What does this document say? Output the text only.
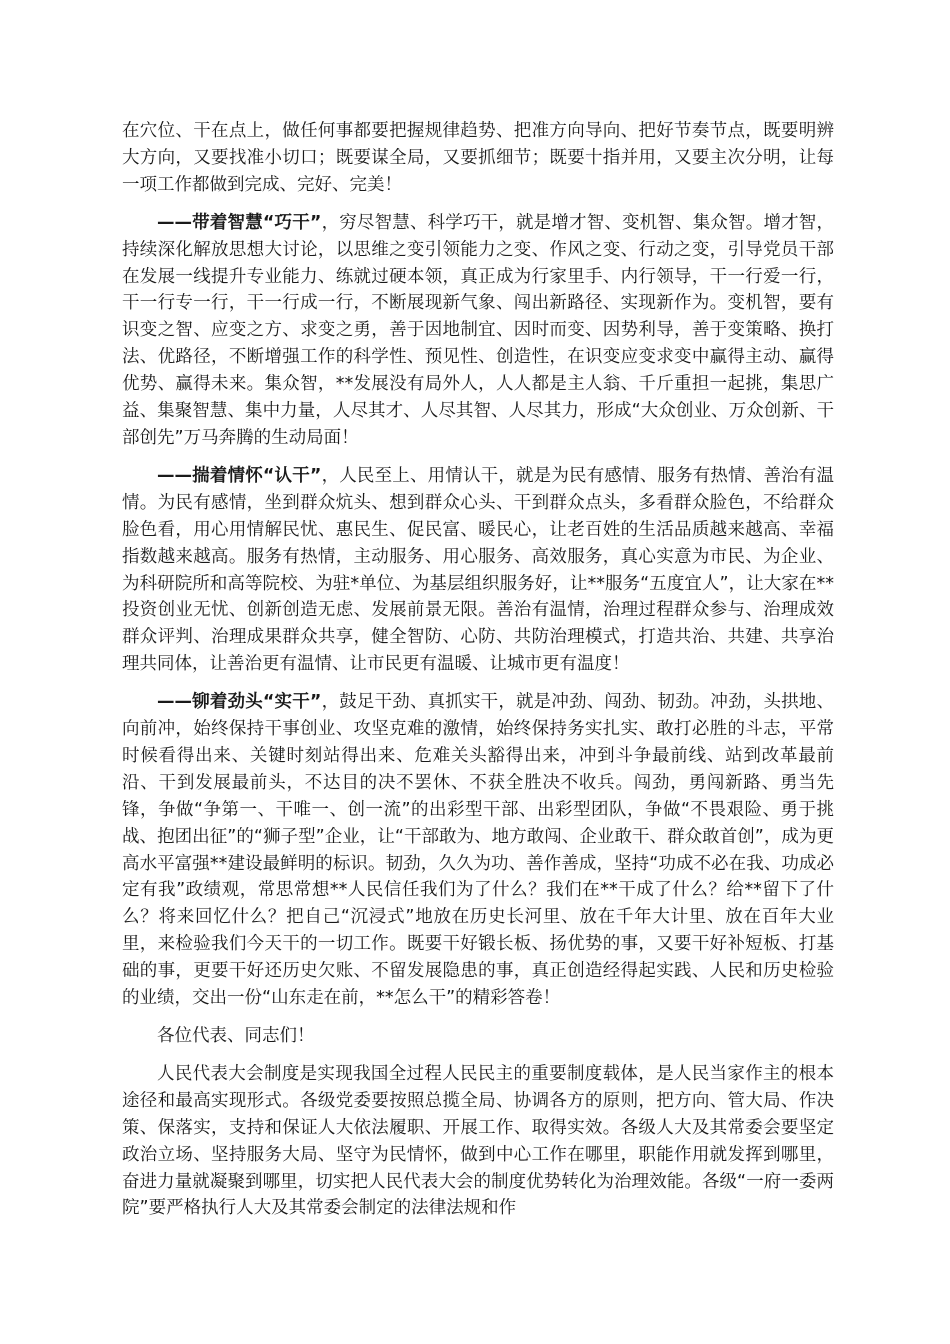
在穴位、干在点上，做任何事都要把握规律趋势、把准方向导向、把好节奏节点，既要明辨大方向，又要找准小切口；既要谋全局，又要抓细节；既要十指并用，又要主次分明，让每一项工作都做到完成、完好、完美！

——带着智慧“巧干”，穷尽智慧、科学巧干，就是增才智、变机智、集众智。增才智，持续深化解放思想大讨论，以思维之变引领能力之变、作风之变、行动之变，引导党员干部在发展一线提升专业能力、练就过硬本领，真正成为行家里手、内行领导，干一行爱一行，干一行专一行，干一行成一行，不断展现新气象、闯出新路径、实现新作为。变机智，要有识变之智、应变之方、求变之勇，善于因地制宜、因时而变、因势利导，善于变策略、换打法、优路径，不断增强工作的科学性、预见性、创造性，在识变应变求变中赢得主动、赢得优势、赢得未来。集众智，**发展没有局外人，人人都是主人翁、千斤重担一起挑，集思广益、集聚智慧、集中力量，人尽其才、人尽其智、人尽其力，形成“大众创业、万众创新、干部创先”万马奔腾的生动局面！

——揣着情怀“认干”，人民至上、用情认干，就是为民有感情、服务有热情、善治有温情。为民有感情，坐到群众炕头、想到群众心头、干到群众点头，多看群众脸色，不给群众脸色看，用心用情解民忧、惠民生、促民富、暖民心，让老百姓的生活品质越来越高、幸福指数越来越高。服务有热情，主动服务、用心服务、高效服务，真心实意为市民、为企业、为科研院所和高等院校、为驻*单位、为基层组织服务好，让**服务“五度宜人”，让大家在**投资创业无忧、创新创造无虑、发展前景无限。善治有温情，治理过程群众参与、治理成效群众评判、治理成果群众共享，健全智防、心防、共防治理模式，打造共治、共建、共享治理共同体，让善治更有温情、让市民更有温暖、让城市更有温度！

——铆着劲头“实干”，鼓足干劲、真抓实干，就是冲劲、闯劲、韧劲。冲劲，头拱地、向前冲，始终保持干事创业、攻坚克难的激情，始终保持务实扎实、敢打必胜的斗志，平常时候看得出来、关键时刻站得出来、危难关头豁得出来，冲到斗争最前线、站到改革最前沿、干到发展最前头，不达目的决不罢休、不获全胜决不收兵。闯劲，勇闯新路、勇当先锋，争做“争第一、干唯一、创一流”的出彩型干部、出彩型团队，争做“不畏艰险、勇于挑战、抱团出征”的“狮子型”企业，让“干部敢为、地方敢闯、企业敢干、群众敢首创”，成为更高水平富强**建设最鲜明的标识。韧劲，久久为功、善作善成，坚持“功成不必在我、功成必定有我”政绩观，常思常想**人民信任我们为了什么？我们在**干成了什么？给**留下了什么？将来回忆什么？把自己“沉浸式”地放在历史长河里、放在千年大计里、放在百年大业里，来检验我们今天干的一切工作。既要干好锻长板、扬优势的事，又要干好补短板、打基础的事，更要干好还历史欠账、不留发展隐患的事，真正创造经得起实践、人民和历史检验的业绩，交出一份“山东走在前，**怎么干”的精彩答卷！

各位代表、同志们！

人民代表大会制度是实现我国全过程人民民主的重要制度载体，是人民当家作主的根本途径和最高实现形式。各级党委要按照总揽全局、协调各方的原则，把方向、管大局、作决策、保落实，支持和保证人大依法履职、开展工作、取得实效。各级人大及其常委会要坚定政治立场、坚持服务大局、坚守为民情怀，做到中心工作在哪里，职能作用就发挥到哪里，奋进力量就凝聚到哪里，切实把人民代表大会的制度优势转化为治理效能。各级“一府一委两院”要严格执行人大及其常委会制定的法律法规和作
